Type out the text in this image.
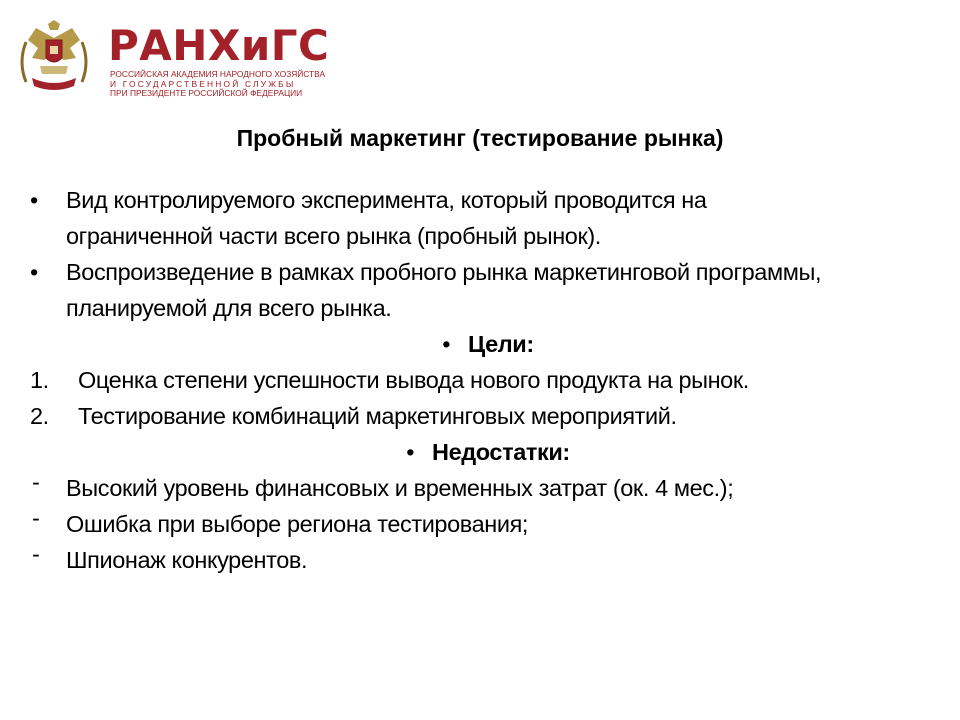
РАНХиГС
РОССИЙСКАЯ АКАДЕМИЯ НАРОДНОГО ХОЗЯЙСТВА
И ГОСУДАРСТВЕННОЙ СЛУЖБЫ
ПРИ ПРЕЗИДЕНТЕ РОССИЙСКОЙ ФЕДЕРАЦИИ
Пробный маркетинг (тестирование рынка)
• Вид контролируемого эксперимента, который проводится на
ограниченной части всего рынка (пробный рынок).
• Воспроизведение в рамках пробного рынка маркетинговой программы,
планируемой для всего рынка.
• Цели:
1. Оценка степени успешности вывода нового продукта на рынок.
2. Тестирование комбинаций маркетинговых мероприятий.
• Недостатки:
- Высокий уровень финансовых и временных затрат (ок. 4 мес.);
- Ошибка при выборе региона тестирования;
- Шпионаж конкурентов.
